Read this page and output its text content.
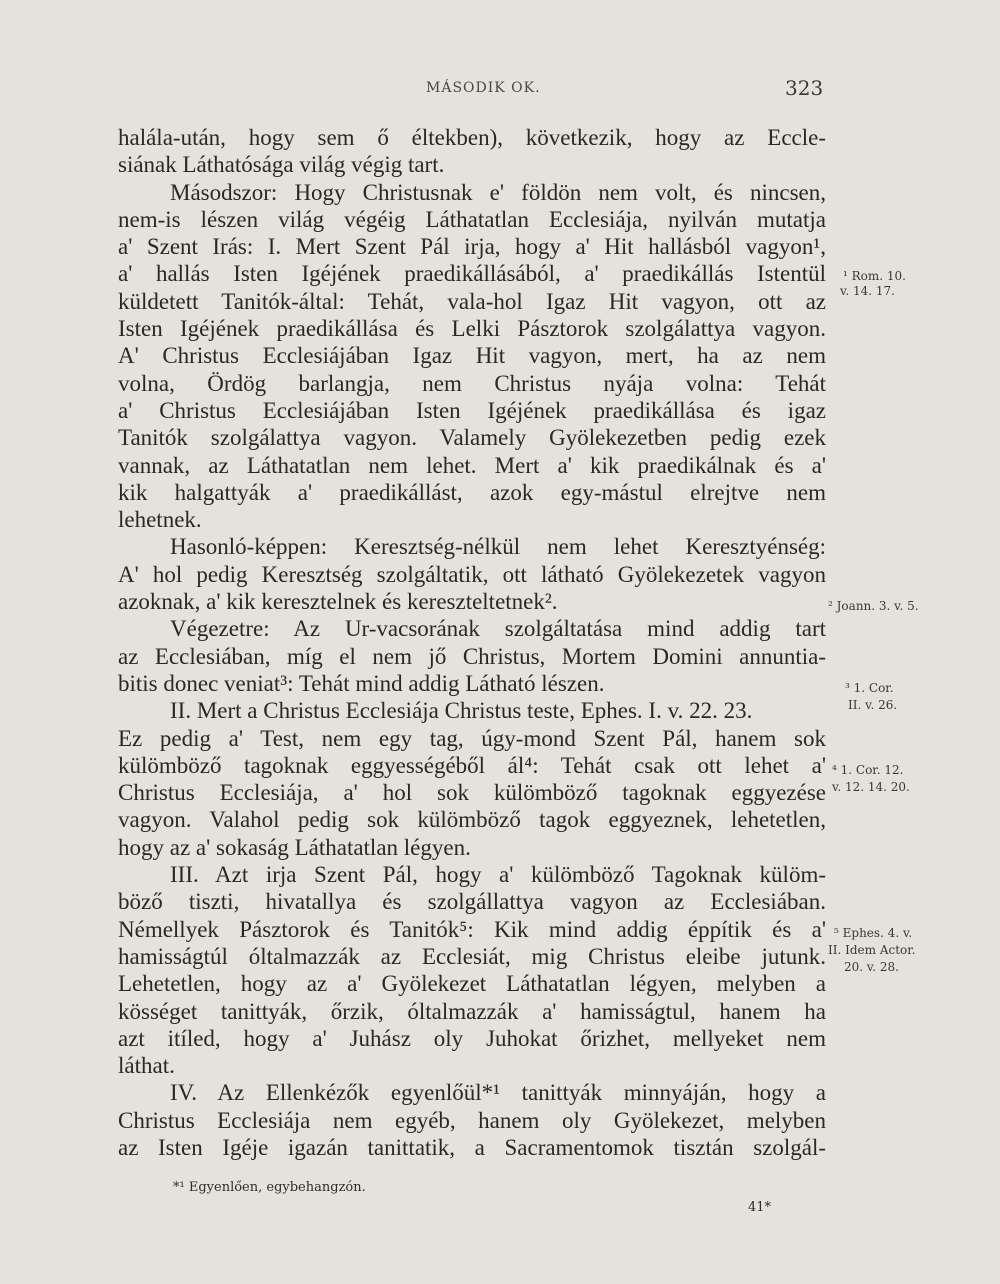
MÁSODIK OK.	323
halála-után, hogy sem ő éltekben), következik, hogy az Eccle-
siának Láthatósága világ végig tart.
Másodszor: Hogy Christusnak e' földön nem volt, és nincsen,
nem-is lészen világ végéig Láthatatlan Ecclesiája, nyilván mutatja
a' Szent Irás: I. Mert Szent Pál irja, hogy a' Hit hallásból vagyon¹,
a' hallás Isten Igéjének praedikállásából, a' praedikállás Istentül
küldetett Tanitók-által: Tehát, vala-hol Igaz Hit vagyon, ott az
Isten Igéjének praedikállása és Lelki Pásztorok szolgálattya vagyon.
A' Christus Ecclesiájában Igaz Hit vagyon, mert, ha az nem
volna, Ördög barlangja, nem Christus nyája volna: Tehát
a' Christus Ecclesiájában Isten Igéjének praedikállása és igaz
Tanitók szolgálattya vagyon. Valamely Gyölekezetben pedig ezek
vannak, az Láthatatlan nem lehet. Mert a' kik praedikálnak és a'
kik halgattyák a' praedikállást, azok egy-mástul elrejtve nem
lehetnek.
Hasonló-képpen: Keresztség-nélkül nem lehet Keresztyénség:
A' hol pedig Keresztség szolgáltatik, ott látható Gyölekezetek vagyon
azoknak, a' kik keresztelnek és kereszteltetnek².
Végezetre: Az Ur-vacsorának szolgáltatása mind addig tart
az Ecclesiában, míg el nem jő Christus, Mortem Domini annuntia-
bitis donec veniat³: Tehát mind addig Látható lészen.
II. Mert a Christus Ecclesiája Christus teste, Ephes. I. v. 22. 23.
Ez pedig a' Test, nem egy tag, úgy-mond Szent Pál, hanem sok
külömböző tagoknak eggyességéből ál⁴: Tehát csak ott lehet a'
Christus Ecclesiája, a' hol sok külömböző tagoknak eggyezése
vagyon. Valahol pedig sok külömböző tagok eggyeznek, lehetetlen,
hogy az a' sokaság Láthatatlan légyen.
III. Azt irja Szent Pál, hogy a' külömböző Tagoknak külöm-
böző tiszti, hivatallya és szolgállattya vagyon az Ecclesiában.
Némellyek Pásztorok és Tanitók⁵: Kik mind addig éppítik és a'
hamisságtúl óltalmazzák az Ecclesiát, mig Christus eleibe jutunk.
Lehetetlen, hogy az a' Gyölekezet Láthatatlan légyen, melyben a
kösséget tanittyák, őrzik, óltalmazzák a' hamisságtul, hanem ha
azt itíled, hogy a' Juhász oly Juhokat őrizhet, mellyeket nem
láthat.
IV. Az Ellenkézők egyenlőül*¹ tanittyák minnyáján, hogy a
Christus Ecclesiája nem egyéb, hanem oly Gyölekezet, melyben
az Isten Igéje igazán tanittatik, a Sacramentomok tisztán szolgál-
¹ Rom. 10.
v. 14. 17.
² Joann. 3. v. 5.
³ 1. Cor.
II. v. 26.
⁴ 1. Cor. 12.
v. 12. 14. 20.
⁵ Ephes. 4. v.
II. Idem Actor.
20. v. 28.
*¹ Egyenlően, egybehangzón.
41*
